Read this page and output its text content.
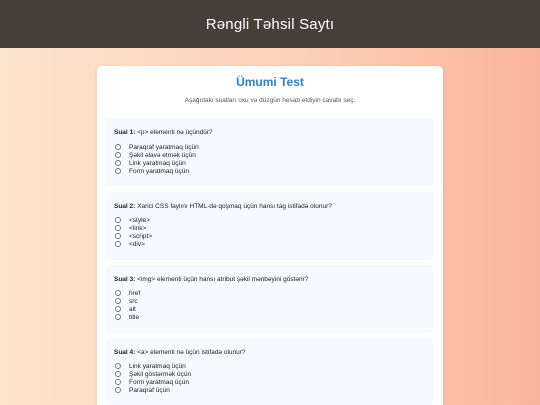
Rəngli Təhsil Saytı
Ümumi Test
Aşağıdakı sualları oxu və düzgün hesab etdiyin cavabı seç.
Sual 1: <p> elementi nə üçündür?
Paraqraf yaratmaq üçün
Şəkil əlavə etmək üçün
Link yaratmaq üçün
Form yaratmaq üçün
Sual 2: Xarici CSS faylını HTML-də qoşmaq üçün hansı tag istifadə olunur?
<style>
<link>
<script>
<div>
Sual 3: <img> elementi üçün hansı atribut şəkil mənbəyini göstərir?
href
src
alt
title
Sual 4: <a> elementi nə üçün istifadə olunur?
Link yaratmaq üçün
Şəkil göstərmək üçün
Form yaratmaq üçün
Paraqraf üçün
